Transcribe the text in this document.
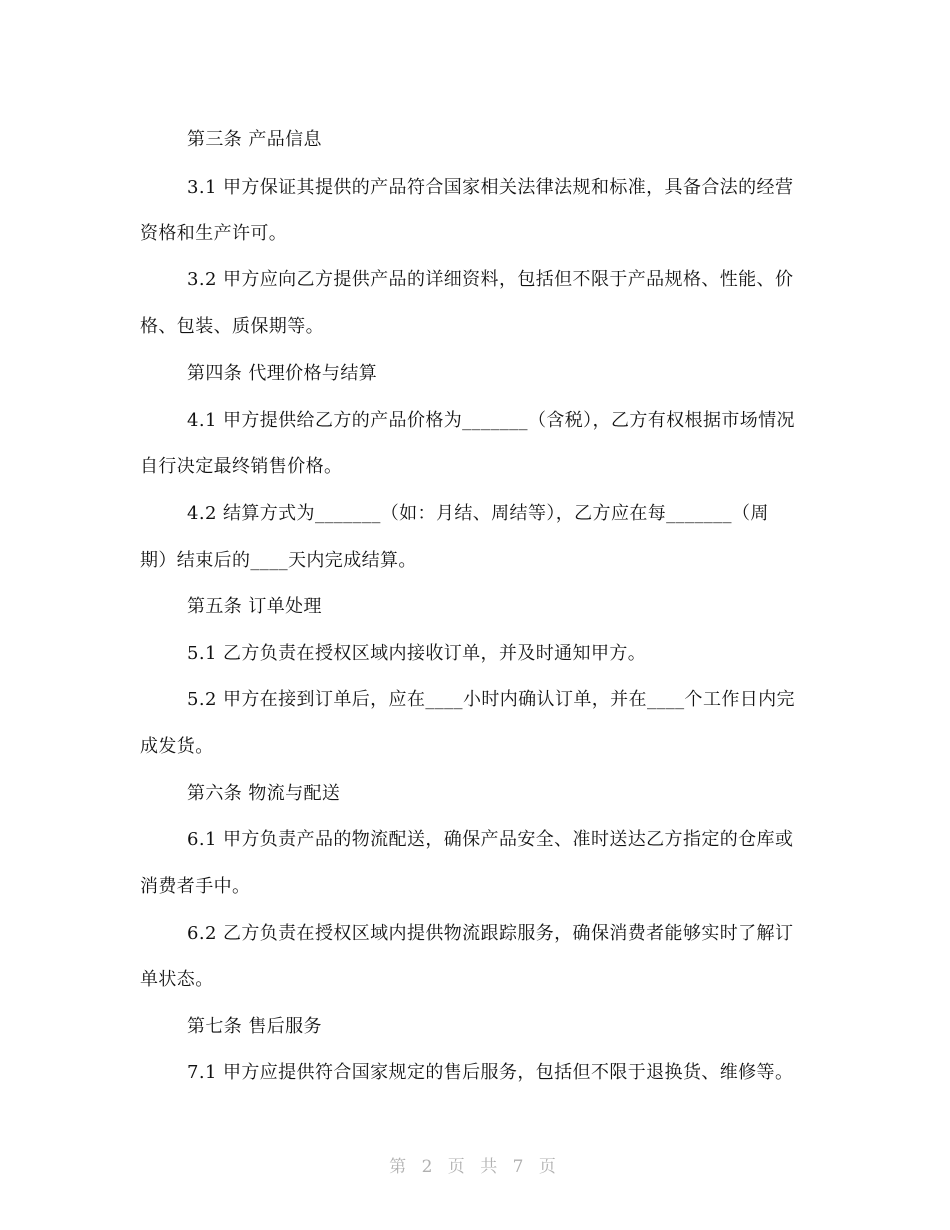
第三条 产品信息
3.1 甲方保证其提供的产品符合国家相关法律法规和标准，具备合法的经营
资格和生产许可。
3.2 甲方应向乙方提供产品的详细资料，包括但不限于产品规格、性能、价
格、包装、质保期等。
第四条 代理价格与结算
4.1 甲方提供给乙方的产品价格为_______（含税），乙方有权根据市场情况
自行决定最终销售价格。
4.2 结算方式为_______（如：月结、周结等），乙方应在每_______（周
期）结束后的____天内完成结算。
第五条 订单处理
5.1 乙方负责在授权区域内接收订单，并及时通知甲方。
5.2 甲方在接到订单后，应在____小时内确认订单，并在____个工作日内完
成发货。
第六条 物流与配送
6.1 甲方负责产品的物流配送，确保产品安全、准时送达乙方指定的仓库或
消费者手中。
6.2 乙方负责在授权区域内提供物流跟踪服务，确保消费者能够实时了解订
单状态。
第七条 售后服务
7.1 甲方应提供符合国家规定的售后服务，包括但不限于退换货、维修等。
第 2 页 共 7 页
